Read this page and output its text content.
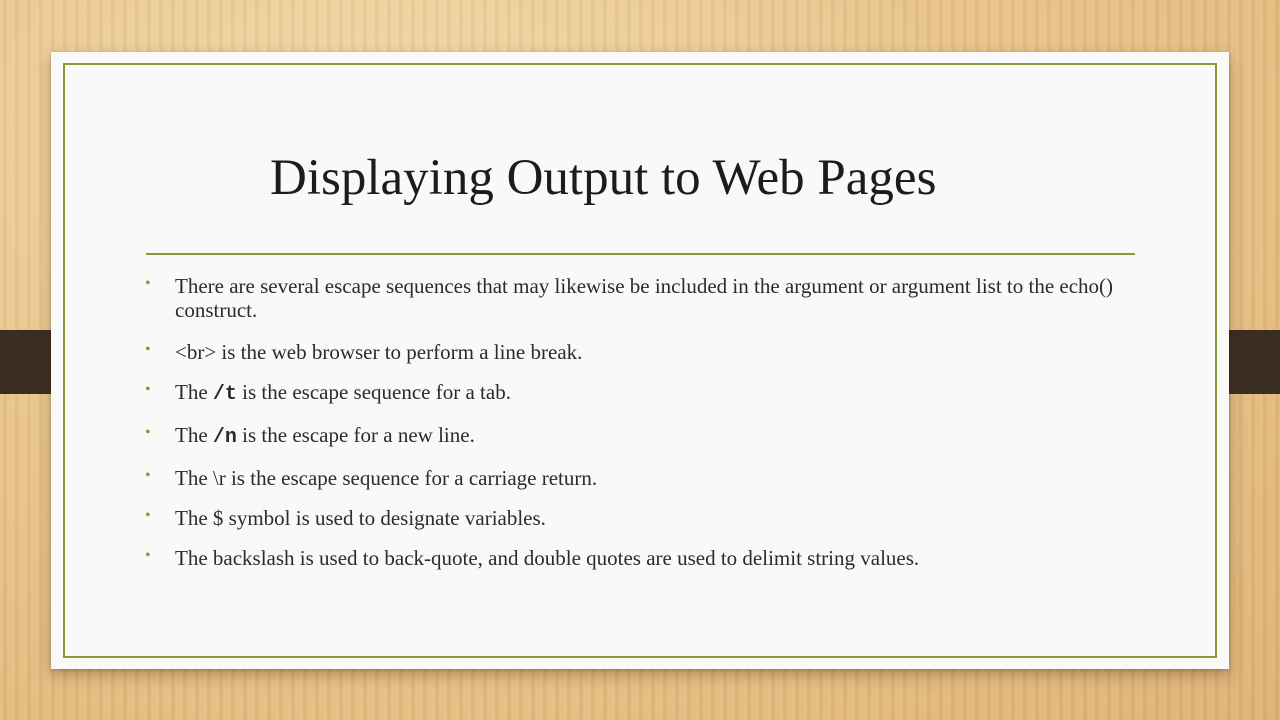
Displaying Output to Web Pages
• There are several escape sequences that may likewise be included in the argument or argument list to the echo() construct.
• <br> is the web browser to perform a line break.
• The /t is the escape sequence for a tab.
• The /n is the escape for a new line.
• The \r is the escape sequence for a carriage return.
• The $ symbol is used to designate variables.
• The backslash is used to back-quote, and double quotes are used to delimit string values.
